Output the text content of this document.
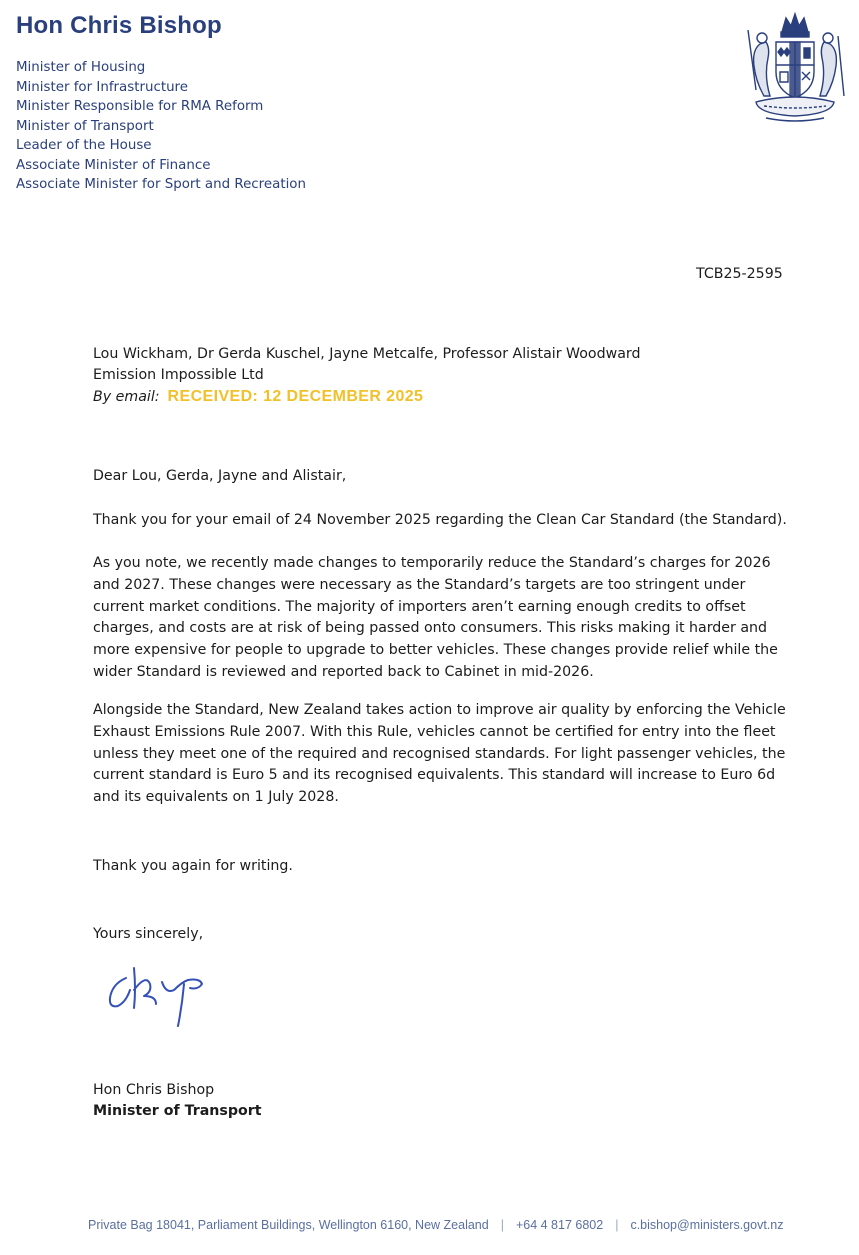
Hon Chris Bishop
Minister of Housing
Minister for Infrastructure
Minister Responsible for RMA Reform
Minister of Transport
Leader of the House
Associate Minister of Finance
Associate Minister for Sport and Recreation
TCB25-2595
Lou Wickham, Dr Gerda Kuschel, Jayne Metcalfe, Professor Alistair Woodward
Emission Impossible Ltd
By email: RECEIVED: 12 DECEMBER 2025
Dear Lou, Gerda, Jayne and Alistair,

Thank you for your email of 24 November 2025 regarding the Clean Car Standard (the Standard).

As you note, we recently made changes to temporarily reduce the Standard’s charges for 2026 and 2027. These changes were necessary as the Standard’s targets are too stringent under current market conditions. The majority of importers aren’t earning enough credits to offset charges, and costs are at risk of being passed onto consumers. This risks making it harder and more expensive for people to upgrade to better vehicles. These changes provide relief while the wider Standard is reviewed and reported back to Cabinet in mid-2026.

Alongside the Standard, New Zealand takes action to improve air quality by enforcing the Vehicle Exhaust Emissions Rule 2007. With this Rule, vehicles cannot be certified for entry into the fleet unless they meet one of the required and recognised standards. For light passenger vehicles, the current standard is Euro 5 and its recognised equivalents. This standard will increase to Euro 6d and its equivalents on 1 July 2028.

Thank you again for writing.
Yours sincerely,
Hon Chris Bishop
Minister of Transport
Private Bag 18041, Parliament Buildings, Wellington 6160, New Zealand | +64 4 817 6802 | c.bishop@ministers.govt.nz
